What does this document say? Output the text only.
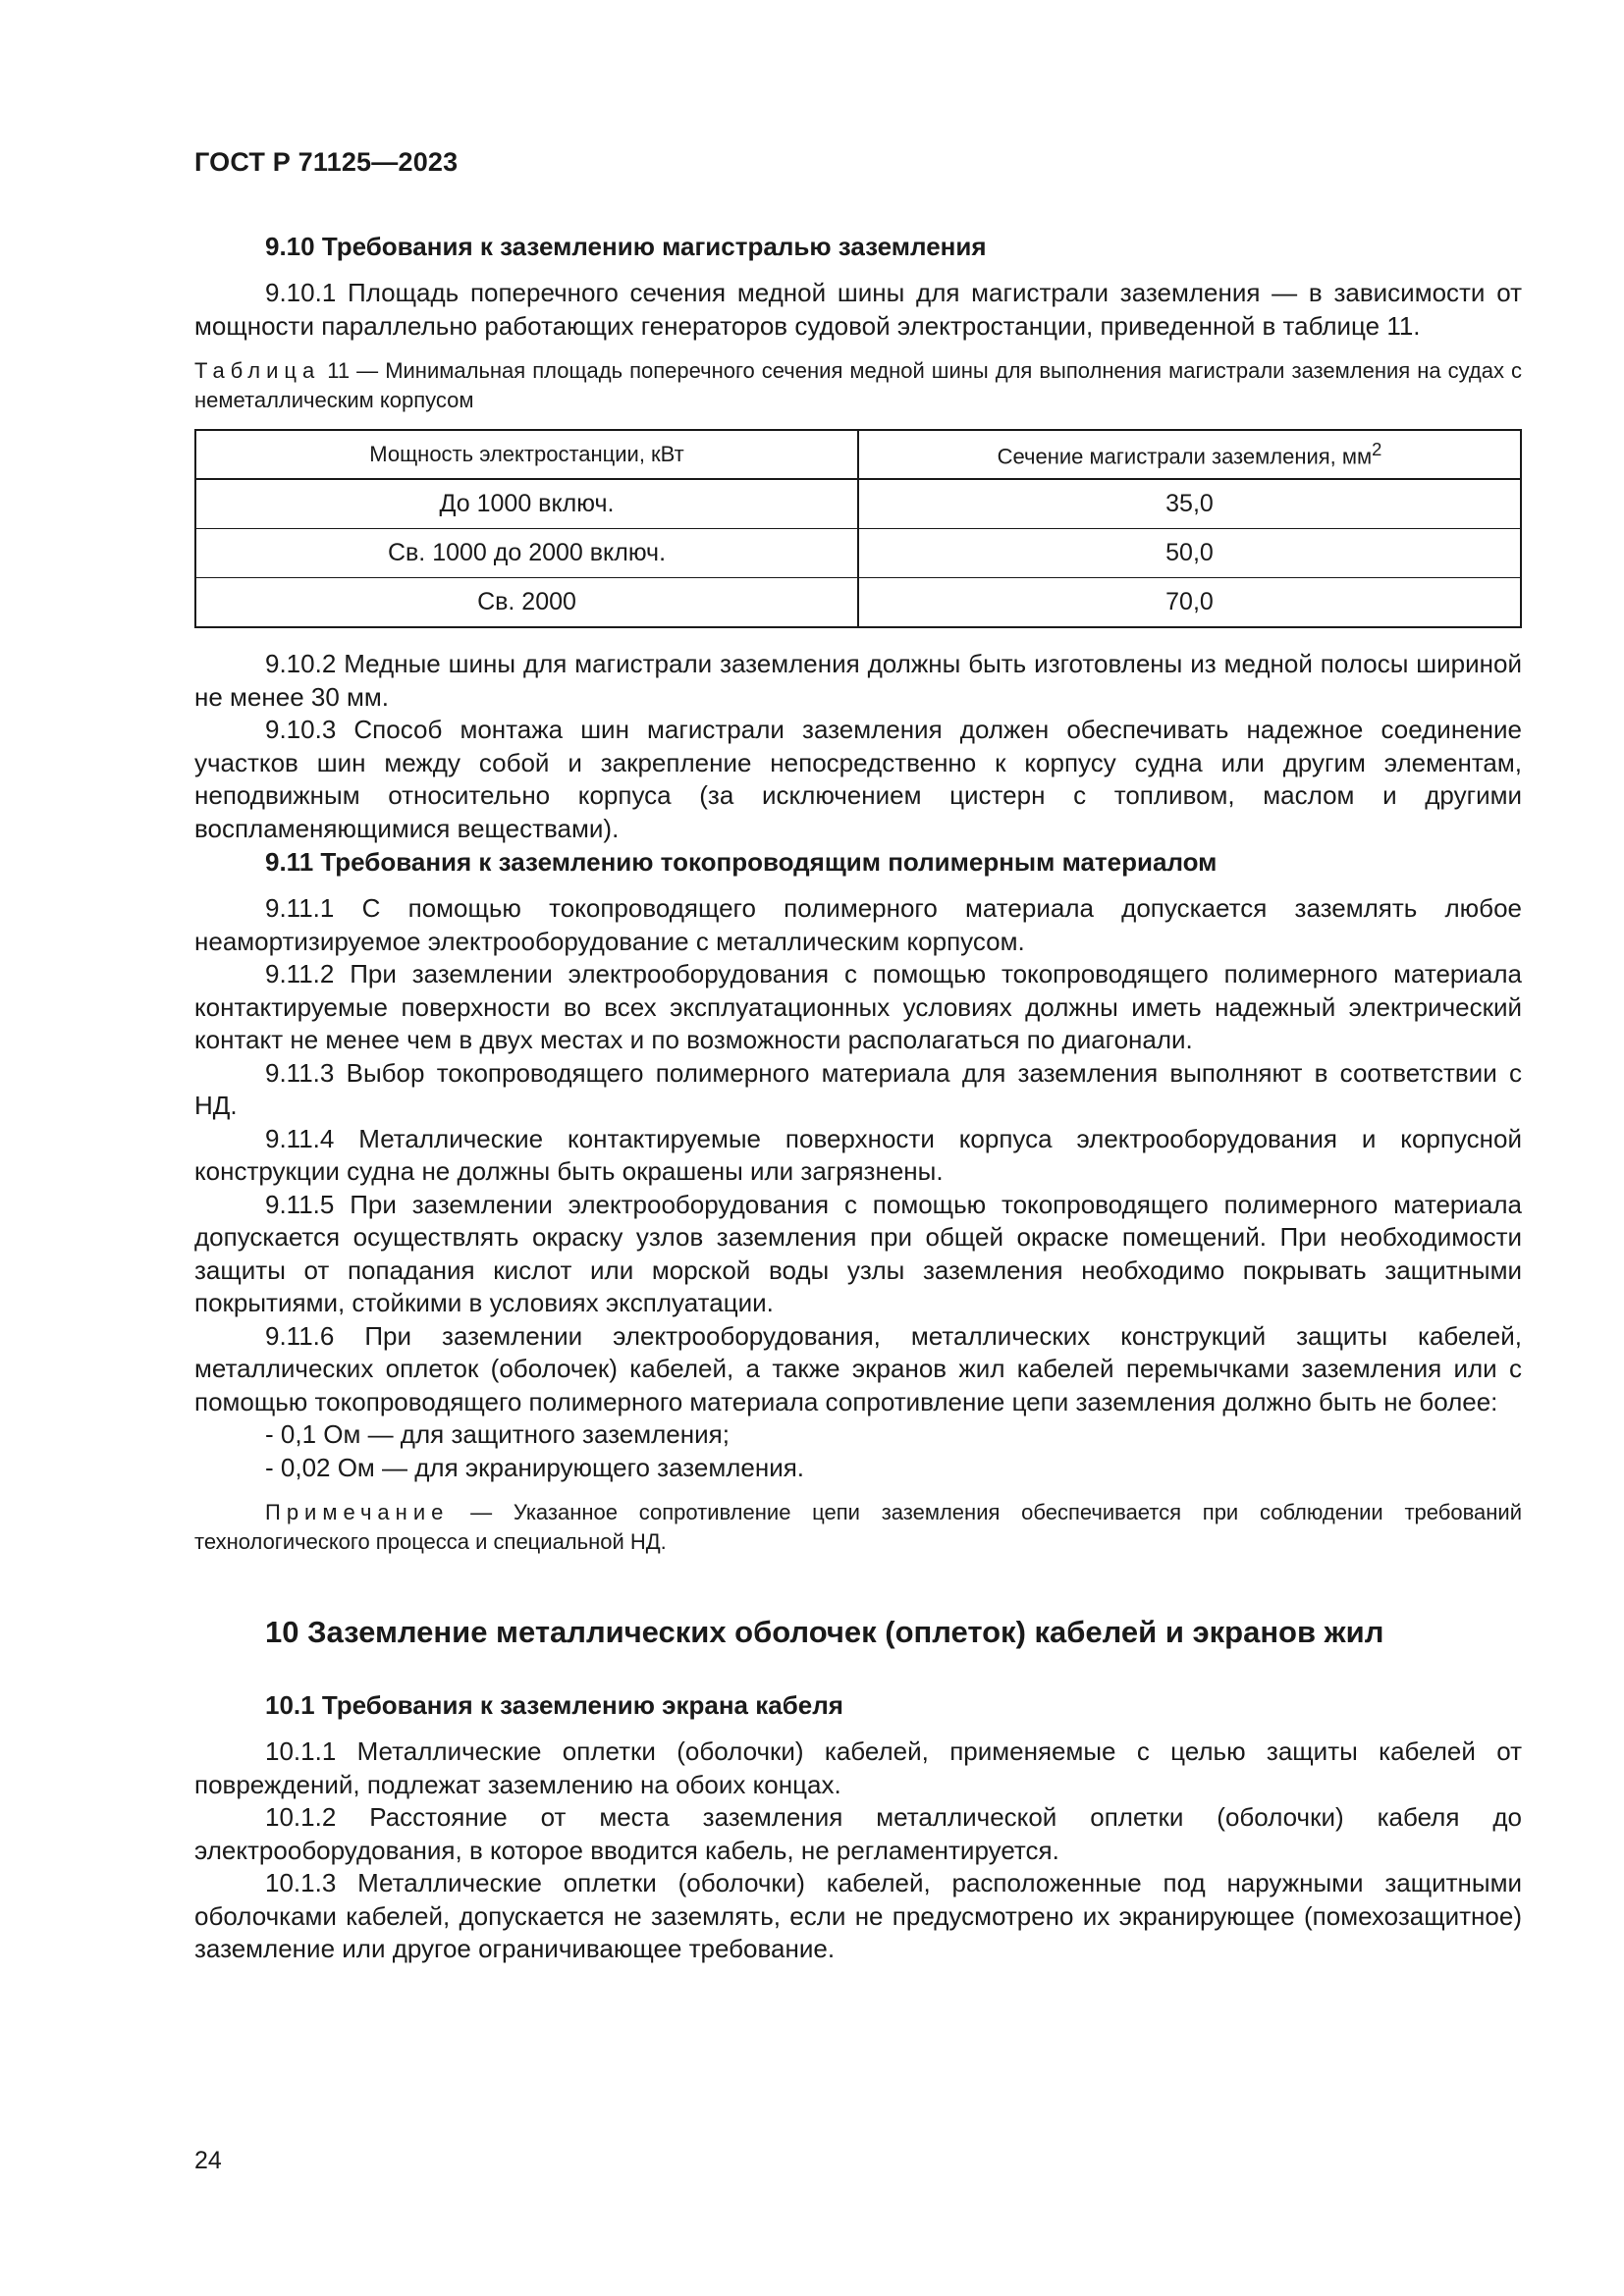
ГОСТ Р 71125—2023
9.10 Требования к заземлению магистралью заземления

9.10.1 Площадь поперечного сечения медной шины для магистрали заземления — в зависимости от мощности параллельно работающих генераторов судовой электростанции, приведенной в таблице 11.

Таблица 11 — Минимальная площадь поперечного сечения медной шины для выполнения магистрали заземления на судах с неметаллическим корпусом
Мощность электростанции, кВт	Сечение магистрали заземления, $мм^2$
До 1000 включ.	35,0
Св. 1000 до 2000 включ.	50,0
Св. 2000	70,0

9.10.2 Медные шины для магистрали заземления должны быть изготовлены из медной полосы шириной не менее 30 мм.

9.10.3 Способ монтажа шин магистрали заземления должен обеспечивать надежное соединение участков шин между собой и закрепление непосредственно к корпусу судна или другим элементам, неподвижным относительно корпуса (за исключением цистерн с топливом, маслом и другими воспламеняющимися веществами).

9.11 Требования к заземлению токопроводящим полимерным материалом

9.11.1 С помощью токопроводящего полимерного материала допускается заземлять любое неамортизируемое электрооборудование с металлическим корпусом.

9.11.2 При заземлении электрооборудования с помощью токопроводящего полимерного материала контактируемые поверхности во всех эксплуатационных условиях должны иметь надежный электрический контакт не менее чем в двух местах и по возможности располагаться по диагонали.

9.11.3 Выбор токопроводящего полимерного материала для заземления выполняют в соответствии с НД.

9.11.4 Металлические контактируемые поверхности корпуса электрооборудования и корпусной конструкции судна не должны быть окрашены или загрязнены.

9.11.5 При заземлении электрооборудования с помощью токопроводящего полимерного материала допускается осуществлять окраску узлов заземления при общей окраске помещений. При необходимости защиты от попадания кислот или морской воды узлы заземления необходимо покрывать защитными покрытиями, стойкими в условиях эксплуатации.

9.11.6 При заземлении электрооборудования, металлических конструкций защиты кабелей, металлических оплеток (оболочек) кабелей, а также экранов жил кабелей перемычками заземления или с помощью токопроводящего полимерного материала сопротивление цепи заземления должно быть не более:

- 0,1 Ом — для защитного заземления;

- 0,02 Ом — для экранирующего заземления.

Примечание — Указанное сопротивление цепи заземления обеспечивается при соблюдении требований технологического процесса и специальной НД.
10 Заземление металлических оболочек (оплеток) кабелей и экранов жил
10.1 Требования к заземлению экрана кабеля

10.1.1 Металлические оплетки (оболочки) кабелей, применяемые с целью защиты кабелей от повреждений, подлежат заземлению на обоих концах.

10.1.2 Расстояние от места заземления металлической оплетки (оболочки) кабеля до электрооборудования, в которое вводится кабель, не регламентируется.

10.1.3 Металлические оплетки (оболочки) кабелей, расположенные под наружными защитными оболочками кабелей, допускается не заземлять, если не предусмотрено их экранирующее (помехозащитное) заземление или другое ограничивающее требование.

24
